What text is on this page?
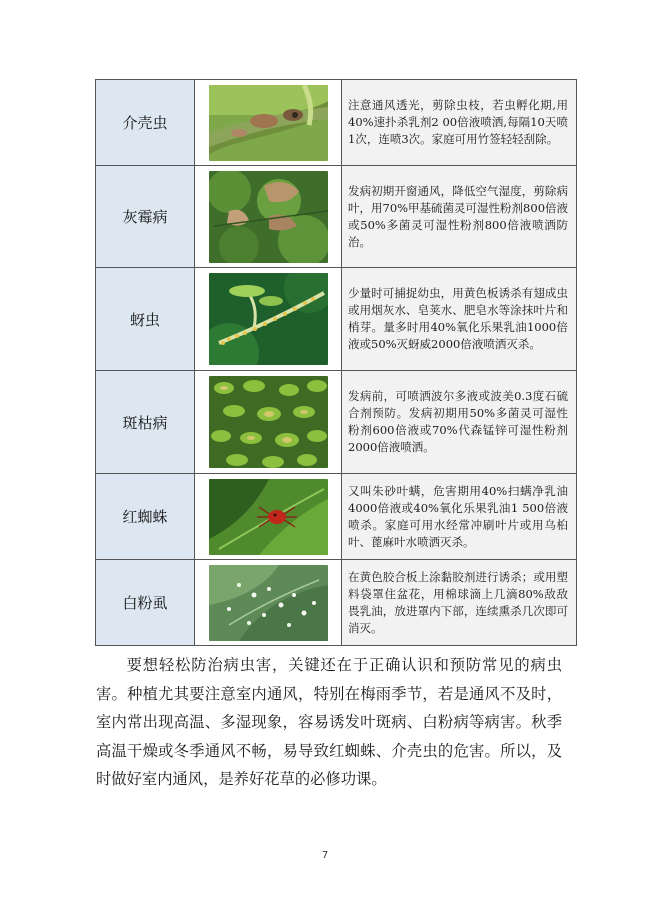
介壳虫		注意通风透光，剪除虫枝，若虫孵化期,用40%速扑杀乳剂2 00倍液喷洒,每隔10天喷1次，连喷3次。家庭可用竹签轻轻刮除。
灰霉病		发病初期开窗通风，降低空气湿度，剪除病叶，用70%甲基硫菌灵可湿性粉剂800倍液或50%多菌灵可湿性粉剂800倍液喷洒防治。
蚜虫		少量时可捕捉幼虫，用黄色板诱杀有翅成虫或用烟灰水、皂荚水、肥皂水等涂抹叶片和梢芽。量多时用40%氧化乐果乳油1000倍液或50%灭蚜威2000倍液喷洒灭杀。
斑枯病		发病前，可喷洒波尔多液或波美0.3度石硫合剂预防。发病初期用50%多菌灵可湿性粉剂600倍液或70%代森锰锌可湿性粉剂2000倍液喷洒。
红蜘蛛		又叫朱砂叶螨，危害期用40%扫螨净乳油4000倍液或40%氧化乐果乳油1 500倍液喷杀。家庭可用水经常冲刷叶片或用乌桕叶、蓖麻叶水喷洒灭杀。
白粉虱		在黄色胶合板上涂黏胶剂进行诱杀；或用塑料袋罩住盆花，用棉球滴上几滴80%敌敌畏乳油，放进罩内下部，连续熏杀几次即可消灭。

要想轻松防治病虫害，关键还在于正确认识和预防常见的病虫害。种植尤其要注意室内通风，特别在梅雨季节，若是通风不及时，室内常出现高温、多湿现象，容易诱发叶斑病、白粉病等病害。秋季高温干燥或冬季通风不畅，易导致红蜘蛛、介壳虫的危害。所以，及时做好室内通风，是养好花草的必修功课。

7
